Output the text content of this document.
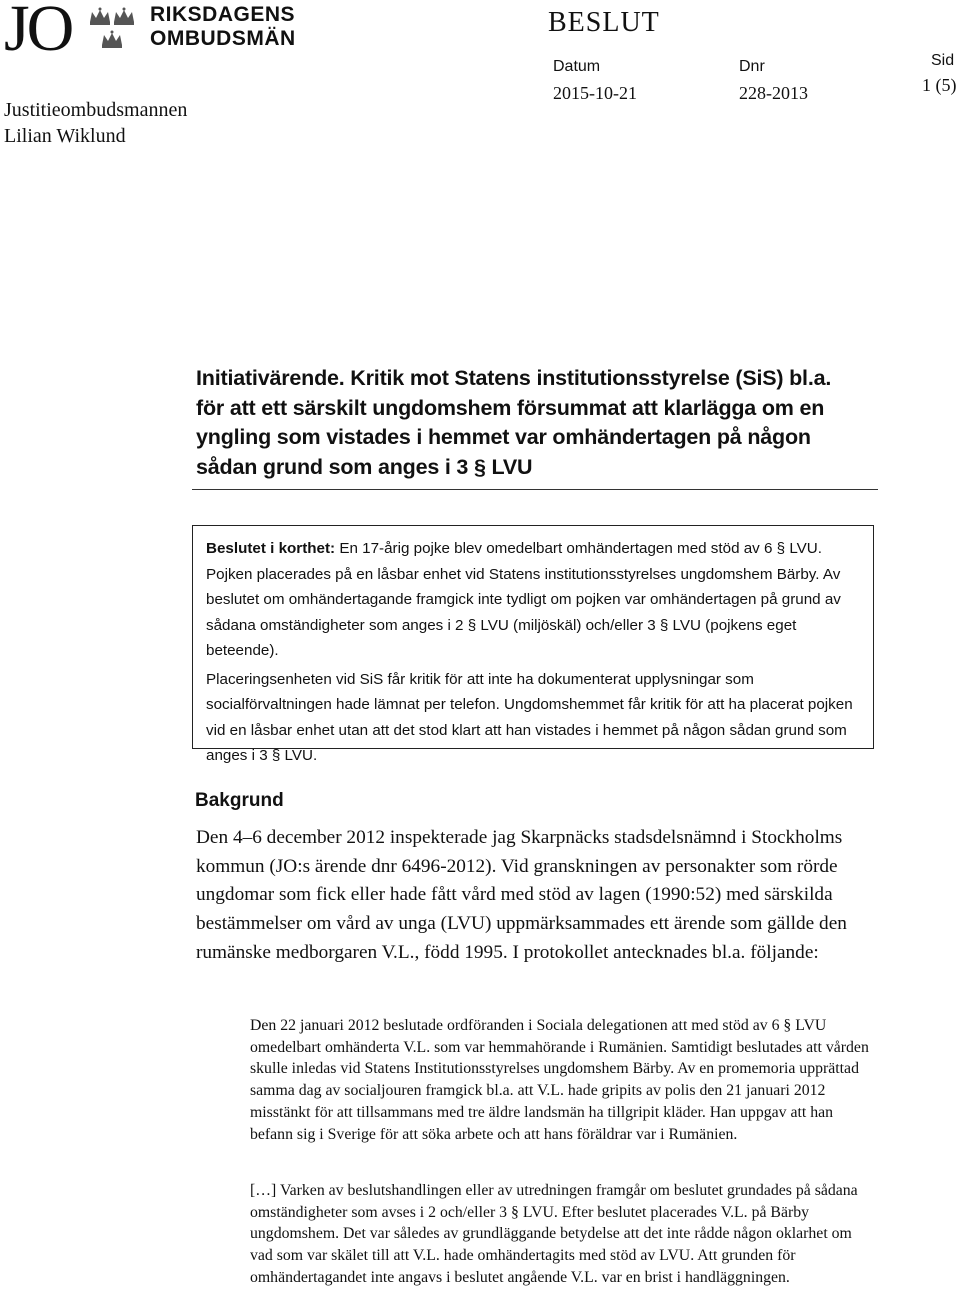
JO	RIKSDAGENS
OMBUDSMÄN
Justitieombudsmannen
Lilian Wiklund
BESLUT
Datum
2015-10-21
Dnr
228-2013
Sid
1 (5)
Initiativärende. Kritik mot Statens institutionsstyrelse (SiS) bl.a. för att ett särskilt ungdomshem försummat att klarlägga om en yngling som vistades i hemmet var omhändertagen på någon sådan grund som anges i 3 § LVU

Beslutet i korthet: En 17-årig pojke blev omedelbart omhändertagen med stöd av 6 § LVU. Pojken placerades på en låsbar enhet vid Statens institutionsstyrelses ungdomshem Bärby. Av beslutet om omhändertagande framgick inte tydligt om pojken var omhändertagen på grund av sådana omständigheter som anges i 2 § LVU (miljöskäl) och/eller 3 § LVU (pojkens eget beteende).

Placeringsenheten vid SiS får kritik för att inte ha dokumenterat upplysningar som socialförvaltningen hade lämnat per telefon. Ungdomshemmet får kritik för att ha placerat pojken vid en låsbar enhet utan att det stod klart att han vistades i hemmet på någon sådan grund som anges i 3 § LVU.

Bakgrund

Den 4–6 december 2012 inspekterade jag Skarpnäcks stadsdelsnämnd i Stockholms kommun (JO:s ärende dnr 6496-2012). Vid granskningen av personakter som rörde ungdomar som fick eller hade fått vård med stöd av lagen (1990:52) med särskilda bestämmelser om vård av unga (LVU) uppmärksammades ett ärende som gällde den rumänske medborgaren V.L., född 1995. I protokollet antecknades bl.a. följande:

Den 22 januari 2012 beslutade ordföranden i Sociala delegationen att med stöd av 6 § LVU omedelbart omhänderta V.L. som var hemmahörande i Rumänien. Samtidigt beslutades att vården skulle inledas vid Statens Institutionsstyrelses ungdomshem Bärby. Av en promemoria upprättad samma dag av socialjouren framgick bl.a. att V.L. hade gripits av polis den 21 januari 2012 misstänkt för att tillsammans med tre äldre landsmän ha tillgripit kläder. Han uppgav att han befann sig i Sverige för att söka arbete och att hans föräldrar var i Rumänien.

[…] Varken av beslutshandlingen eller av utredningen framgår om beslutet grundades på sådana omständigheter som avses i 2 och/eller 3 § LVU. Efter beslutet placerades V.L. på Bärby ungdomshem. Det var således av grundläggande betydelse att det inte rådde någon oklarhet om vad som var skälet till att V.L. hade omhändertagits med stöd av LVU. Att grunden för omhändertagandet inte angavs i beslutet angående V.L. var en brist i handläggningen.
